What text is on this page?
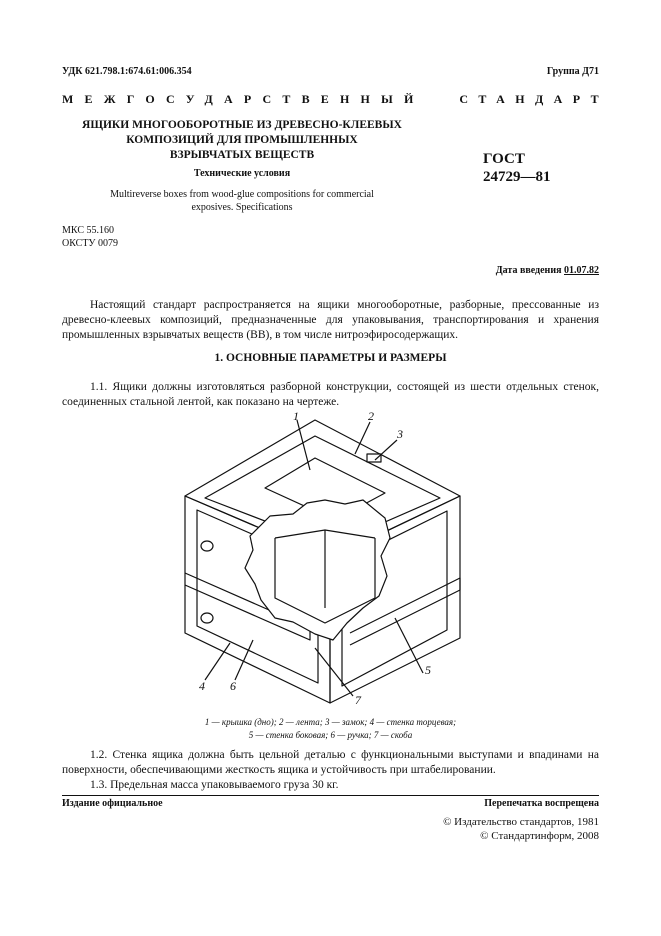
УДК 621.798.1:674.61:006.354	Группа Д71
МЕЖГОСУДАРСТВЕННЫЙ	СТАНДАРТ
ЯЩИКИ МНОГООБОРОТНЫЕ ИЗ ДРЕВЕСНО-КЛЕЕВЫХ
КОМПОЗИЦИЙ ДЛЯ ПРОМЫШЛЕННЫХ
ВЗРЫВЧАТЫХ ВЕЩЕСТВ
Технические условия
Multireverse boxes from wood-glue compositions for commercial
exposives. Specifications
ГОСТ
24729—81
МКС 55.160
ОКСТУ 0079
Дата введения 01.07.82
Настоящий стандарт распространяется на ящики многооборотные, разборные, прессованные из древесно-клеевых композиций, предназначенные для упаковывания, транспортирования и хранения промышленных взрывчатых веществ (ВВ), в том числе нитроэфиросодержащих.
1. ОСНОВНЫЕ ПАРАМЕТРЫ И РАЗМЕРЫ
1.1. Ящики должны изготовляться разборной конструкции, состоящей из шести отдельных стенок, соединенных стальной лентой, как показано на чертеже.
1	2
3
4
5
6
7
1 — крышка (дно); 2 — лента; 3 — замок; 4 — стенка торцевая;
5 — стенка боковая; 6 — ручка; 7 — скоба
1.2. Стенка ящика должна быть цельной деталью с функциональными выступами и впадинами на поверхности, обеспечивающими жесткость ящика и устойчивость при штабелировании.
1.3. Предельная масса упаковываемого груза 30 кг.
Издание официальное	Перепечатка воспрещена
© Издательство стандартов, 1981
© Стандартинформ, 2008
